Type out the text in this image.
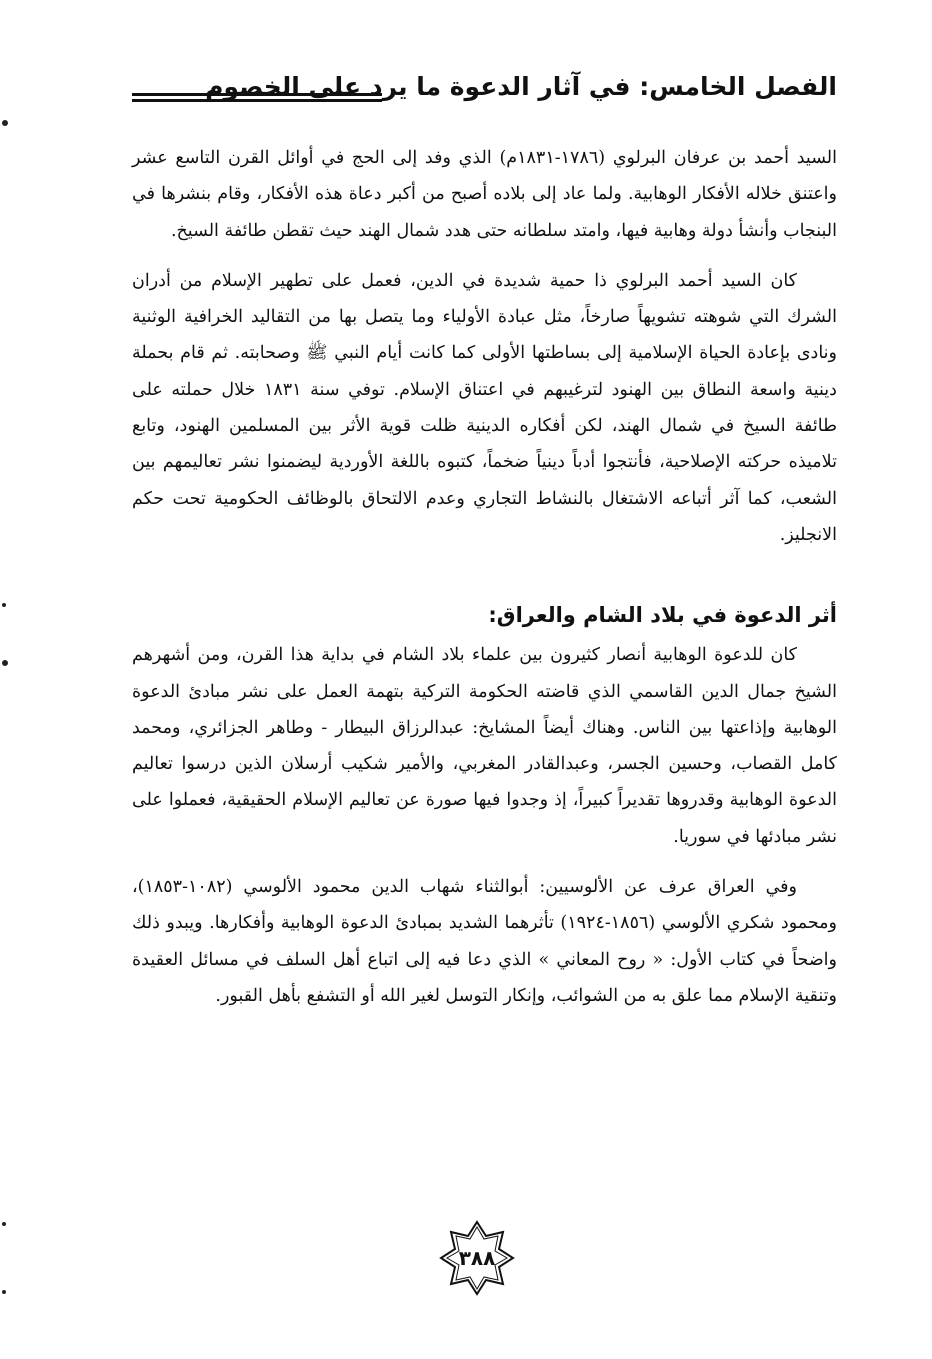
الفصل الخامس: في آثار الدعوة ما يرد على الخصوم

السيد أحمد بن عرفان البرلوي (١٧٨٦-١٨٣١م) الذي وفد إلى الحج في أوائل القرن التاسع عشر واعتنق خلاله الأفكار الوهابية. ولما عاد إلى بلاده أصبح من أكبر دعاة هذه الأفكار، وقام بنشرها في البنجاب وأنشأ دولة وهابية فيها، وامتد سلطانه حتى هدد شمال الهند حيث تقطن طائفة السيخ.

كان السيد أحمد البرلوي ذا حمية شديدة في الدين، فعمل على تطهير الإسلام من أدران الشرك التي شوهته تشويهاً صارخاً، مثل عبادة الأولياء وما يتصل بها من التقاليد الخرافية الوثنية ونادى بإعادة الحياة الإسلامية إلى بساطتها الأولى كما كانت أيام النبي ﷺ وصحابته. ثم قام بحملة دينية واسعة النطاق بين الهنود لترغيبهم في اعتناق الإسلام. توفي سنة ١٨٣١ خلال حملته على طائفة السيخ في شمال الهند، لكن أفكاره الدينية ظلت قوية الأثر بين المسلمين الهنود، وتابع تلاميذه حركته الإصلاحية، فأنتجوا أدباً دينياً ضخماً، كتبوه باللغة الأوردية ليضمنوا نشر تعاليمهم بين الشعب، كما آثر أتباعه الاشتغال بالنشاط التجاري وعدم الالتحاق بالوظائف الحكومية تحت حكم الانجليز.

أثر الدعوة في بلاد الشام والعراق:

كان للدعوة الوهابية أنصار كثيرون بين علماء بلاد الشام في بداية هذا القرن، ومن أشهرهم الشيخ جمال الدين القاسمي الذي قاضته الحكومة التركية بتهمة العمل على نشر مبادئ الدعوة الوهابية وإذاعتها بين الناس. وهناك أيضاً المشايخ: عبدالرزاق البيطار - وطاهر الجزائري، ومحمد كامل القصاب، وحسين الجسر، وعبدالقادر المغربي، والأمير شكيب أرسلان الذين درسوا تعاليم الدعوة الوهابية وقدروها تقديراً كبيراً، إذ وجدوا فيها صورة عن تعاليم الإسلام الحقيقية، فعملوا على نشر مبادئها في سوريا.

وفي العراق عرف عن الألوسيين: أبوالثناء شهاب الدين محمود الألوسي (١٠٨٢-١٨٥٣)، ومحمود شكري الألوسي (١٨٥٦-١٩٢٤) تأثرهما الشديد بمبادئ الدعوة الوهابية وأفكارها. ويبدو ذلك واضحاً في كتاب الأول: « روح المعاني » الذي دعا فيه إلى اتباع أهل السلف في مسائل العقيدة وتنقية الإسلام مما علق به من الشوائب، وإنكار التوسل لغير الله أو التشفع بأهل القبور.

٣٨٨
